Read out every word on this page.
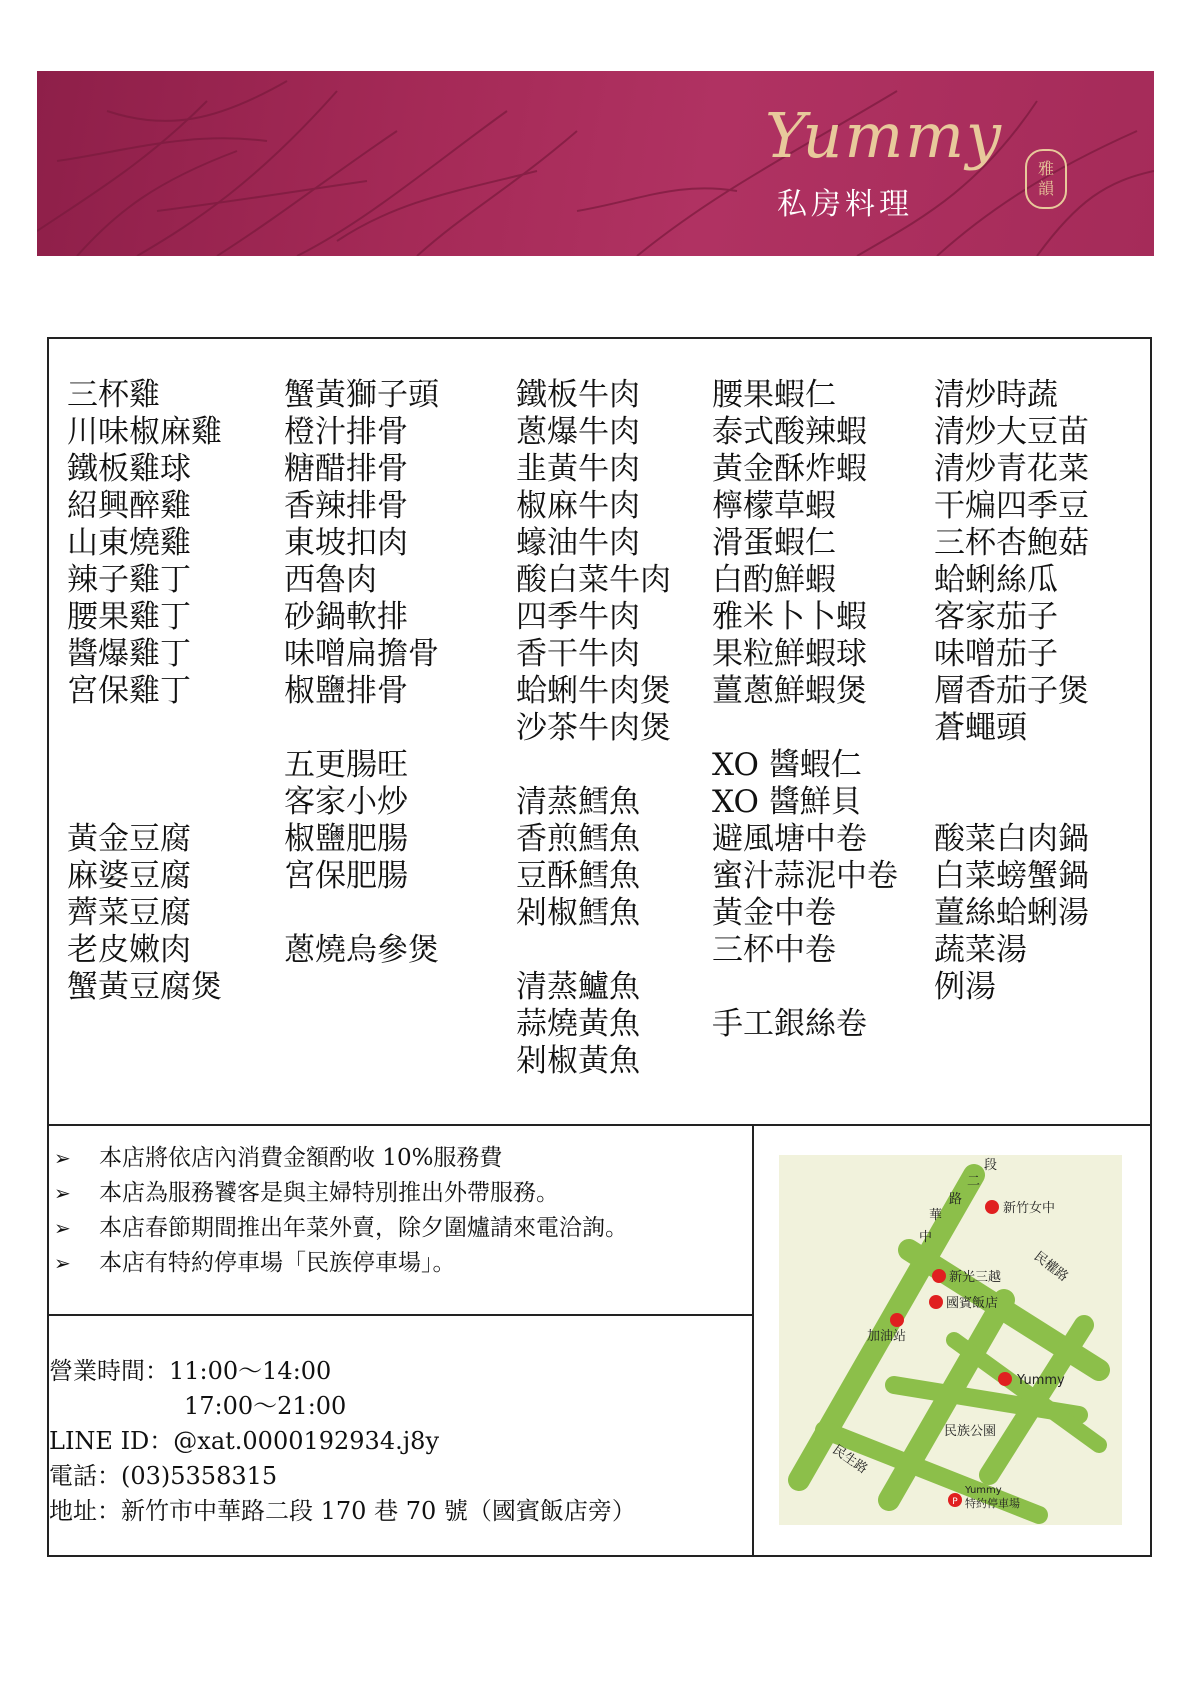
Yummy
私房料理
雅
韻
三杯雞
川味椒麻雞
鐵板雞球
紹興醉雞
山東燒雞
辣子雞丁
腰果雞丁
醬爆雞丁
宮保雞丁
黃金豆腐
麻婆豆腐
薺菜豆腐
老皮嫩肉
蟹黃豆腐煲
蟹黃獅子頭
橙汁排骨
糖醋排骨
香辣排骨
東坡扣肉
西魯肉
砂鍋軟排
味噌扁擔骨
椒鹽排骨
五更腸旺
客家小炒
椒鹽肥腸
宮保肥腸
蔥燒烏參煲
鐵板牛肉
蔥爆牛肉
韭黃牛肉
椒麻牛肉
蠔油牛肉
酸白菜牛肉
四季牛肉
香干牛肉
蛤蜊牛肉煲
沙茶牛肉煲
清蒸鱈魚
香煎鱈魚
豆酥鱈魚
剁椒鱈魚
清蒸鱸魚
蒜燒黃魚
剁椒黃魚
腰果蝦仁
泰式酸辣蝦
黃金酥炸蝦
檸檬草蝦
滑蛋蝦仁
白酌鮮蝦
雅米卜卜蝦
果粒鮮蝦球
薑蔥鮮蝦煲
XO 醬蝦仁
XO 醬鮮貝
避風塘中卷
蜜汁蒜泥中卷
黃金中卷
三杯中卷
手工銀絲卷
清炒時蔬
清炒大豆苗
清炒青花菜
干煸四季豆
三杯杏鮑菇
蛤蜊絲瓜
客家茄子
味噌茄子
層香茄子煲
蒼蠅頭
酸菜白肉鍋
白菜螃蟹鍋
薑絲蛤蜊湯
蔬菜湯
例湯
➢ 本店將依店內消費金額酌收 10%服務費
➢ 本店為服務饕客是與主婦特別推出外帶服務。
➢ 本店春節期間推出年菜外賣，除夕圍爐請來電洽詢。
➢ 本店有特約停車場「民族停車場」。
營業時間：11:00～14:00
17:00～21:00
LINE ID：@xat.0000192934.j8y
電話：(03)5358315
地址：新竹市中華路二段 170 巷 70 號（國賓飯店旁）	P
段
二
路
華
中
民權路
民生路
新竹女中
新光三越
國賓飯店
加油站
Yummy
民族公園
Yummy
特約停車場
